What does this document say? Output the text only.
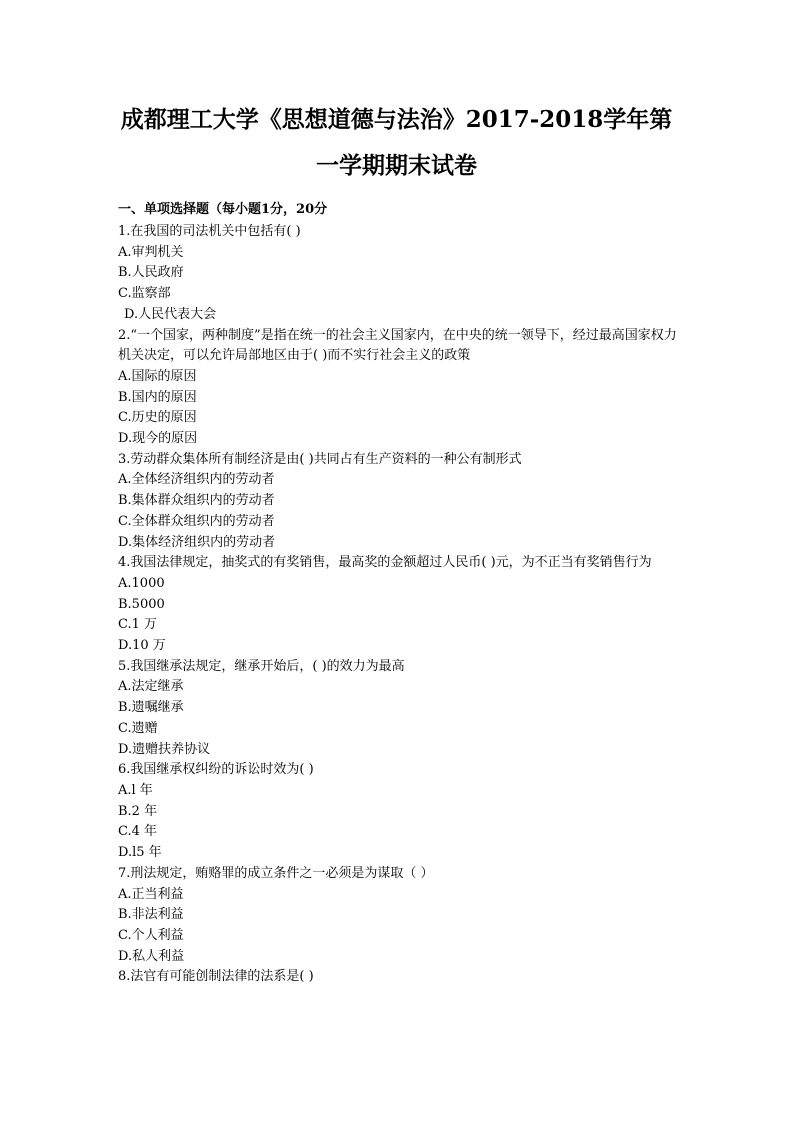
成都理工大学《思想道德与法治》2017-2018学年第
一学期期末试卷
一、单项选择题（每小题1分，20分

1.在我国的司法机关中包括有( )

A.审判机关

B.人民政府

C.监察部

D.人民代表大会

2.“一个国家，两种制度”是指在统一的社会主义国家内，在中央的统一领导下，经过最高国家权力机关决定，可以允许局部地区由于( )而不实行社会主义的政策

A.国际的原因

B.国内的原因

C.历史的原因

D.现今的原因

3.劳动群众集体所有制经济是由( )共同占有生产资料的一种公有制形式

A.全体经济组织内的劳动者

B.集体群众组织内的劳动者

C.全体群众组织内的劳动者

D.集体经济组织内的劳动者

4.我国法律规定，抽奖式的有奖销售，最高奖的金额超过人民币( )元，为不正当有奖销售行为

A.1000

B.5000

C.1 万

D.10 万

5.我国继承法规定，继承开始后，( )的效力为最高

A.法定继承

B.遗嘱继承

C.遗赠

D.遗赠扶养协议

6.我国继承权纠纷的诉讼时效为( )

A.l 年

B.2 年

C.4 年

D.l5 年

7.刑法规定，贿赂罪的成立条件之一必须是为谋取（ ）

A.正当利益

B.非法利益

C.个人利益

D.私人利益

8.法官有可能创制法律的法系是( )
